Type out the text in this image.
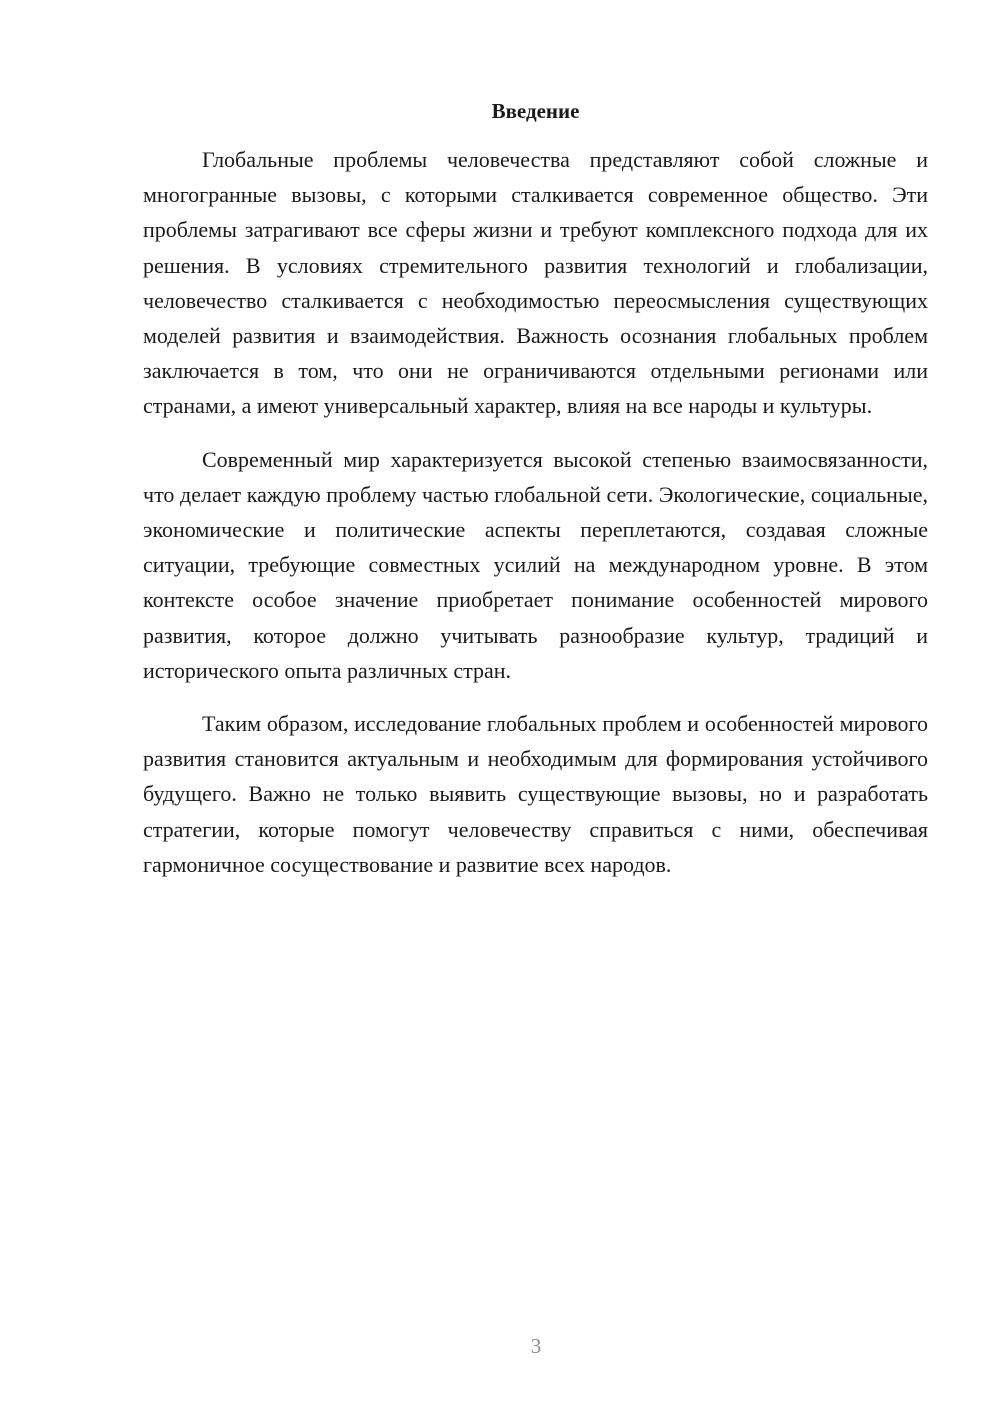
Введение

Глобальные проблемы человечества представляют собой сложные и многогранные вызовы, с которыми сталкивается современное общество. Эти проблемы затрагивают все сферы жизни и требуют комплексного подхода для их решения. В условиях стремительного развития технологий и глобализации, человечество сталкивается с необходимостью переосмысления существующих моделей развития и взаимодействия. Важность осознания глобальных проблем заключается в том, что они не ограничиваются отдельными регионами или странами, а имеют универсальный характер, влияя на все народы и культуры.

Современный мир характеризуется высокой степенью взаимосвязанности, что делает каждую проблему частью глобальной сети. Экологические, социальные, экономические и политические аспекты переплетаются, создавая сложные ситуации, требующие совместных усилий на международном уровне. В этом контексте особое значение приобретает понимание особенностей мирового развития, которое должно учитывать разнообразие культур, традиций и исторического опыта различных стран.

Таким образом, исследование глобальных проблем и особенностей мирового развития становится актуальным и необходимым для формирования устойчивого будущего. Важно не только выявить существующие вызовы, но и разработать стратегии, которые помогут человечеству справиться с ними, обеспечивая гармоничное сосуществование и развитие всех народов.

3
